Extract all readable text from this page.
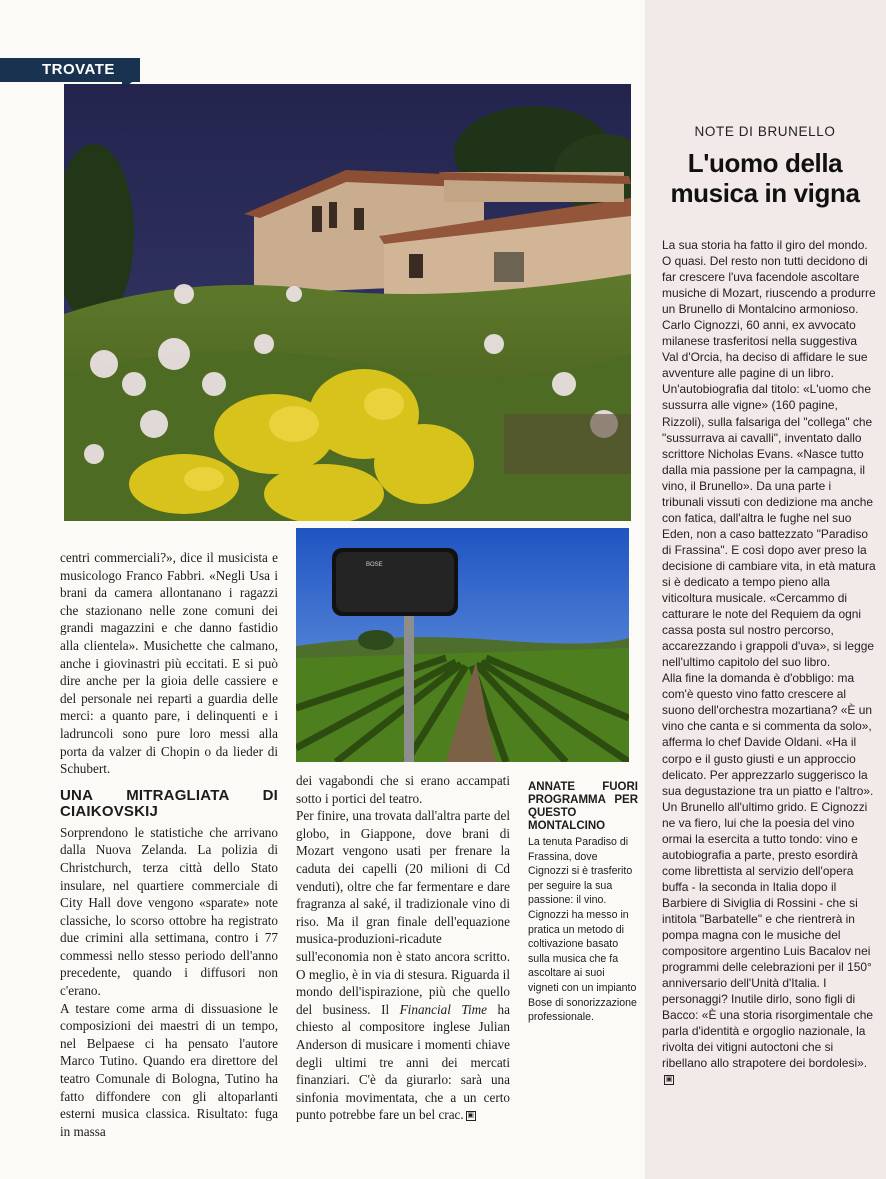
TROVATE
BOSE

centri commerciali?», dice il musicista e musicologo Franco Fabbri. «Negli Usa i brani da camera allontanano i ragazzi che stazionano nelle zone comuni dei grandi magazzini e che danno fastidio alla clientela». Musichette che calmano, anche i giovinastri più eccitati. E si può dire anche per la gioia delle cassiere e del personale nei reparti a guardia delle merci: a quanto pare, i delinquenti e i ladruncoli sono pure loro messi alla porta da valzer di Chopin o da lieder di Schubert.

UNA MITRAGLIATA DI CIAIKOVSKIJ

Sorprendono le statistiche che arrivano dalla Nuova Zelanda. La polizia di Christchurch, terza città dello Stato insulare, nel quartiere commerciale di City Hall dove vengono «sparate» note classiche, lo scorso ottobre ha registrato due crimini alla settimana, contro i 77 commessi nello stesso periodo dell'anno precedente, quando i diffusori non c'erano.

A testare come arma di dissuasione le composizioni dei maestri di un tempo, nel Belpaese ci ha pensato l'autore Marco Tutino. Quando era direttore del teatro Comunale di Bologna, Tutino ha fatto diffondere con gli altoparlanti esterni musica classica. Risultato: fuga in massa

dei vagabondi che si erano accampati sotto i portici del teatro.

Per finire, una trovata dall'altra parte del globo, in Giappone, dove brani di Mozart vengono usati per frenare la caduta dei capelli (20 milioni di Cd venduti), oltre che far fermentare e dare fragranza al saké, il tradizionale vino di riso. Ma il gran finale dell'equazione musica-produzioni-ricadute sull'economia non è stato ancora scritto. O meglio, è in via di stesura. Riguarda il mondo dell'ispirazione, più che quello del business. Il Financial Time ha chiesto al compositore inglese Julian Anderson di musicare i momenti chiave degli ultimi tre anni dei mercati finanziari. C'è da giurarlo: sarà una sinfonia movimentata, che a un certo punto potrebbe fare un bel crac. ▣

ANNATE FUORI PROGRAMMA PER QUESTO MONTALCINO
La tenuta Paradiso di Frassina, dove Cignozzi si è trasferito per seguire la sua passione: il vino. Cignozzi ha messo in pratica un metodo di coltivazione basato sulla musica che fa ascoltare ai suoi vigneti con un impianto Bose di sonorizzazione professionale.
NOTE DI BRUNELLO
L'uomo della musica in vigna

La sua storia ha fatto il giro del mondo. O quasi. Del resto non tutti decidono di far crescere l'uva facendole ascoltare musiche di Mozart, riuscendo a produrre un Brunello di Montalcino armonioso. Carlo Cignozzi, 60 anni, ex avvocato milanese trasferitosi nella suggestiva Val d'Orcia, ha deciso di affidare le sue avventure alle pagine di un libro. Un'autobiografia dal titolo: «L'uomo che sussurra alle vigne» (160 pagine, Rizzoli), sulla falsariga del "collega" che "sussurrava ai cavalli", inventato dallo scrittore Nicholas Evans. «Nasce tutto dalla mia passione per la campagna, il vino, il Brunello». Da una parte i tribunali vissuti con dedizione ma anche con fatica, dall'altra le fughe nel suo Eden, non a caso battezzato "Paradiso di Frassina". E così dopo aver preso la decisione di cambiare vita, in età matura si è dedicato a tempo pieno alla viticoltura musicale. «Cercammo di catturare le note del Requiem da ogni cassa posta sul nostro percorso, accarezzando i grappoli d'uva», si legge nell'ultimo capitolo del suo libro.

Alla fine la domanda è d'obbligo: ma com'è questo vino fatto crescere al suono dell'orchestra mozartiana? «È un vino che canta e si commenta da solo», afferma lo chef Davide Oldani. «Ha il corpo e il gusto giusti e un approccio delicato. Per apprezzarlo suggerisco la sua degustazione tra un piatto e l'altro». Un Brunello all'ultimo grido. E Cignozzi ne va fiero, lui che la poesia del vino ormai la esercita a tutto tondo: vino e autobiografia a parte, presto esordirà come librettista al servizio dell'opera buffa - la seconda in Italia dopo il Barbiere di Siviglia di Rossini - che si intitola "Barbatelle" e che rientrerà in pompa magna con le musiche del compositore argentino Luis Bacalov nei programmi delle celebrazioni per il 150° anniversario dell'Unità d'Italia. I personaggi? Inutile dirlo, sono figli di Bacco: «È una storia risorgimentale che parla d'identità e orgoglio nazionale, la rivolta dei vitigni autoctoni che si ribellano allo strapotere dei bordolesi».▣
